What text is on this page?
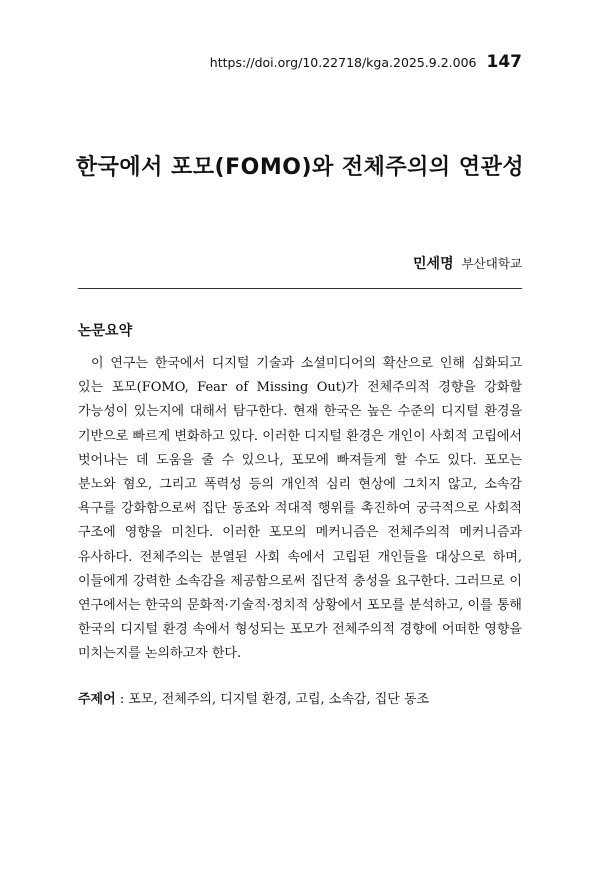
https://doi.org/10.22718/kga.2025.9.2.006 147
한국에서 포모(FOMO)와 전체주의의 연관성
민세명 부산대학교
논문요약

이 연구는 한국에서 디지털 기술과 소셜미디어의 확산으로 인해 심화되고 있는 포모(FOMO, Fear of Missing Out)가 전체주의적 경향을 강화할 가능성이 있는지에 대해서 탐구한다. 현재 한국은 높은 수준의 디지털 환경을 기반으로 빠르게 변화하고 있다. 이러한 디지털 환경은 개인이 사회적 고립에서 벗어나는 데 도움을 줄 수 있으나, 포모에 빠져들게 할 수도 있다. 포모는 분노와 혐오, 그리고 폭력성 등의 개인적 심리 현상에 그치지 않고, 소속감 욕구를 강화함으로써 집단 동조와 적대적 행위를 촉진하여 궁극적으로 사회적 구조에 영향을 미친다. 이러한 포모의 메커니즘은 전체주의적 메커니즘과 유사하다. 전체주의는 분열된 사회 속에서 고립된 개인들을 대상으로 하며, 이들에게 강력한 소속감을 제공함으로써 집단적 충성을 요구한다. 그러므로 이 연구에서는 한국의 문화적·기술적·정치적 상황에서 포모를 분석하고, 이를 통해 한국의 디지털 환경 속에서 형성되는 포모가 전체주의적 경향에 어떠한 영향을 미치는지를 논의하고자 한다.

주제어 : 포모, 전체주의, 디지털 환경, 고립, 소속감, 집단 동조
